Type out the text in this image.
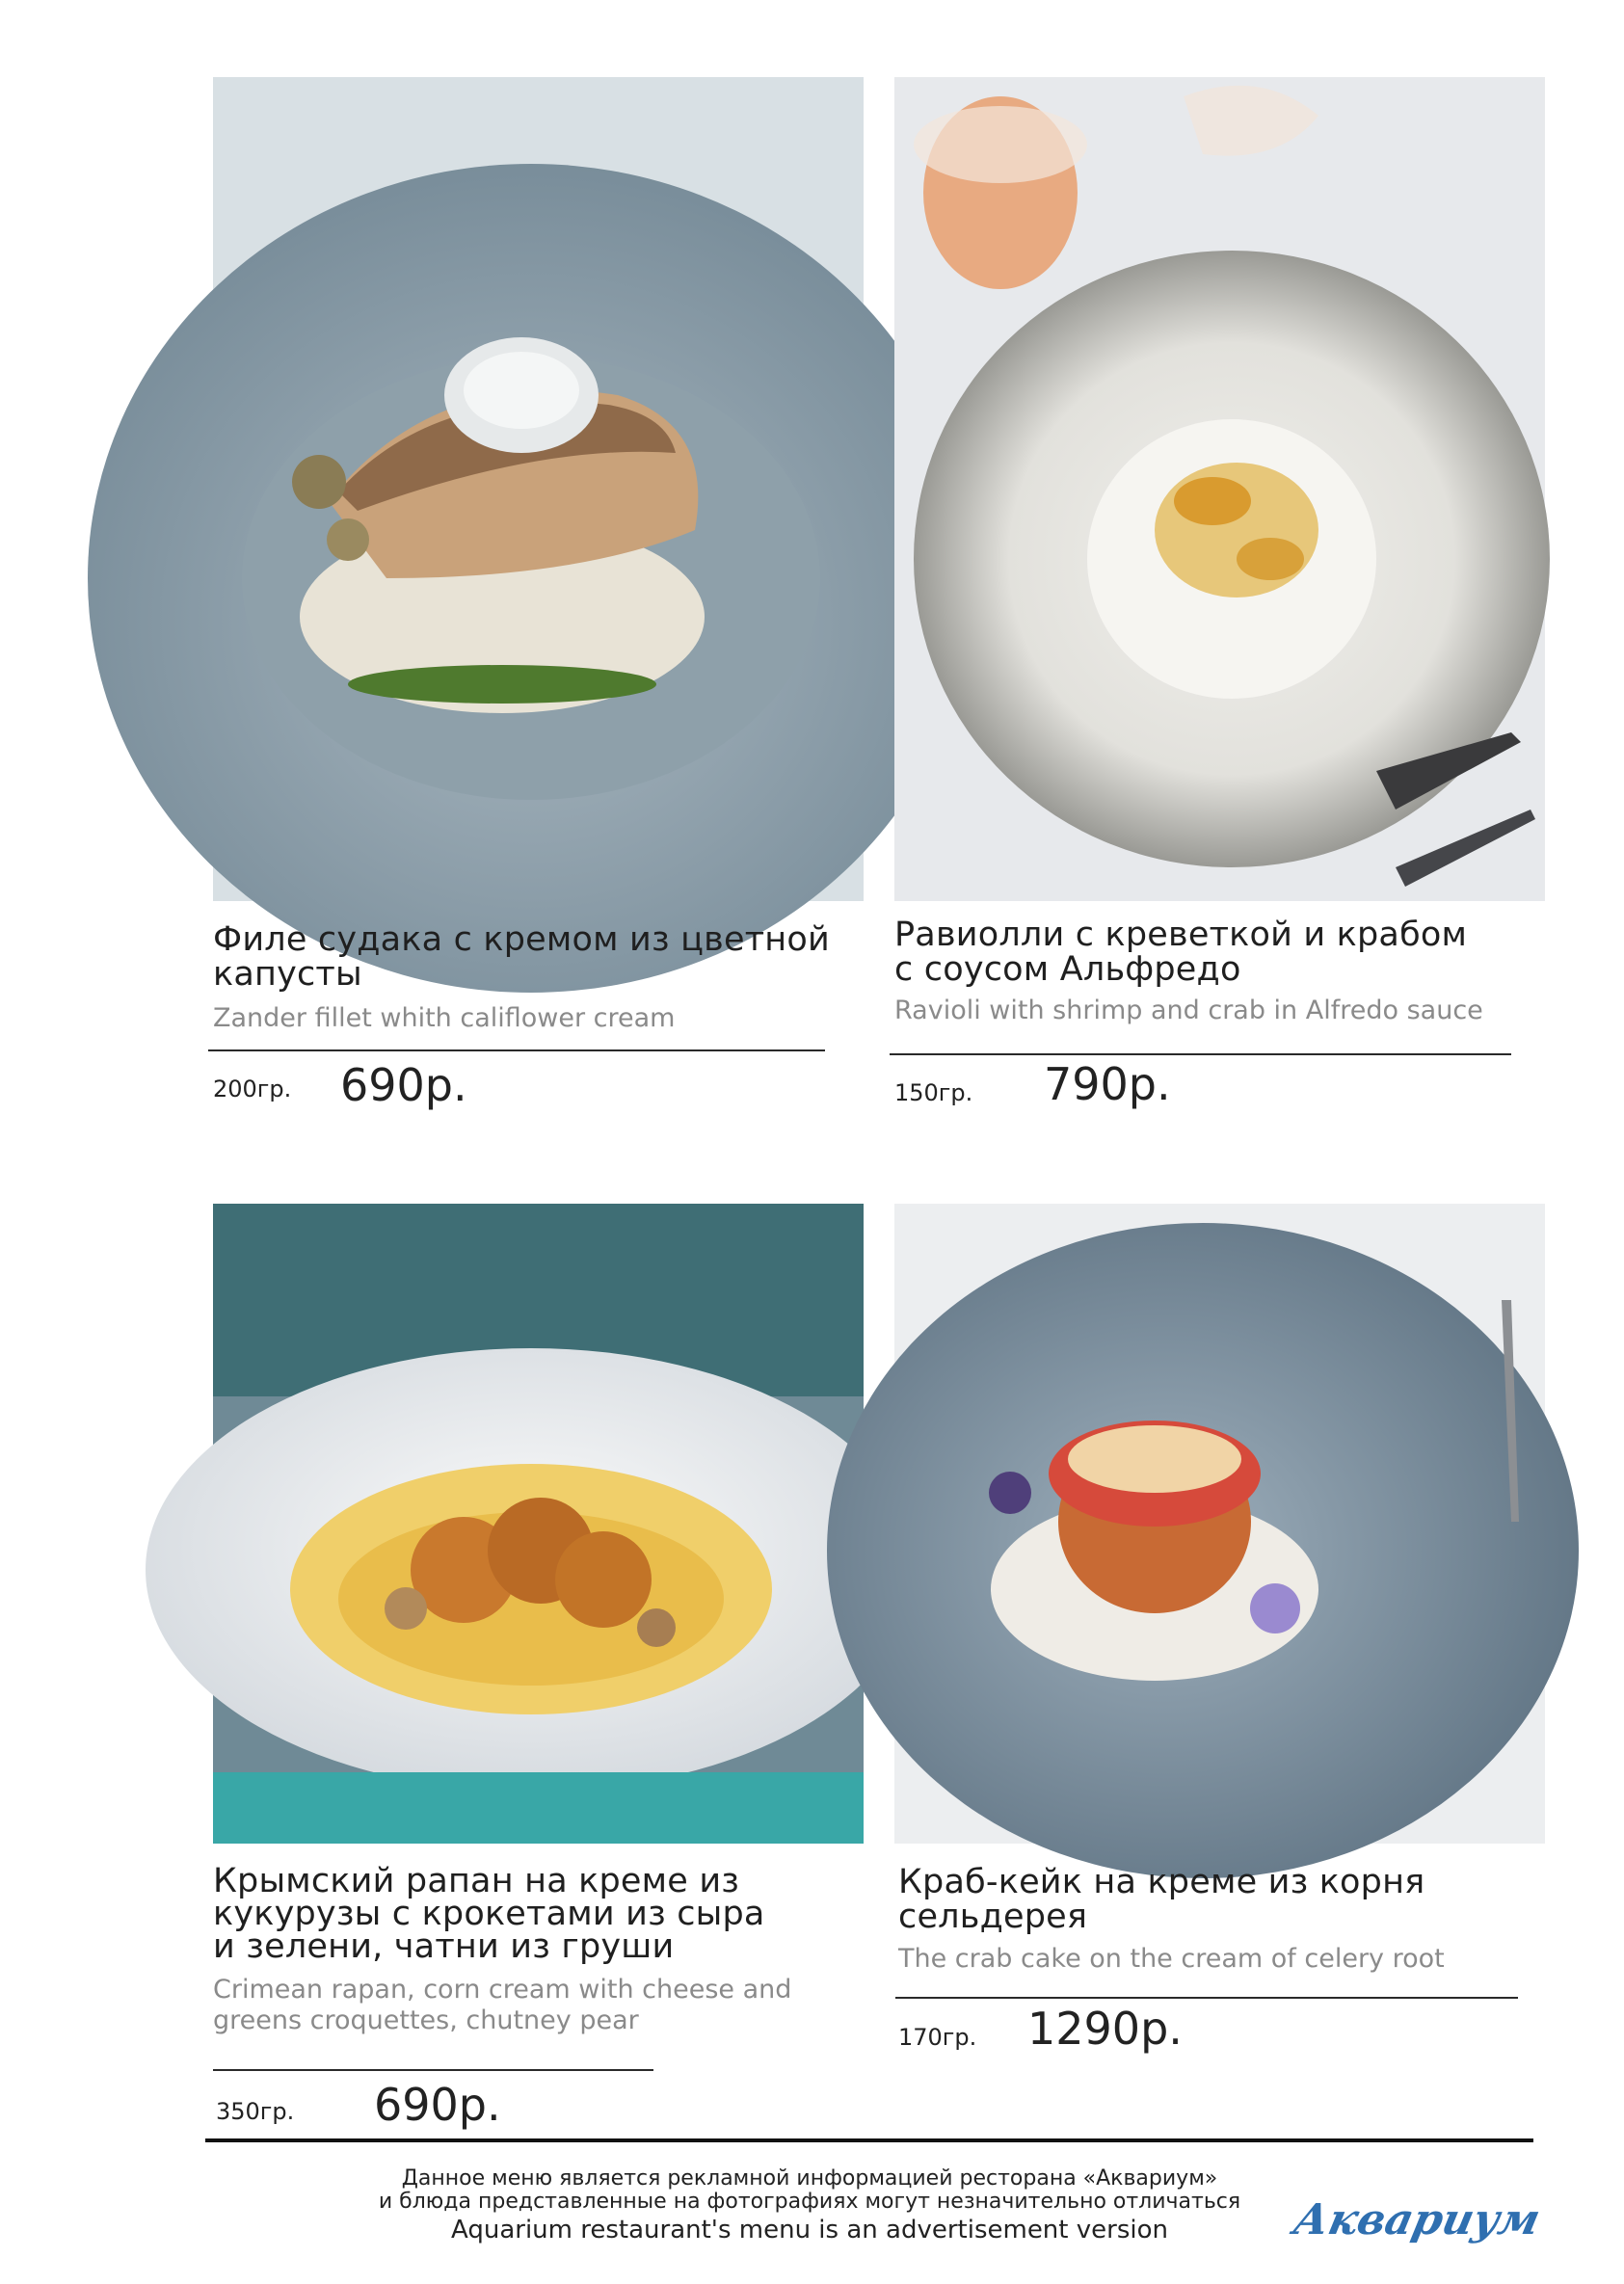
Филе судака с кремом из цветной
капусты
Zander fillet whith califlower cream
200гр. 690р.
Равиолли с креветкой и крабом
с соусом Альфредо
Ravioli with shrimp and crab in Alfredo sauce
150гр. 790р.
Крымский рапан на креме из
кукурузы с крокетами из сыра
и зелени, чатни из груши
Crimean rapan, corn cream with cheese and
greens croquettes, chutney pear
350гр. 690р.
Краб-кейк на креме из корня
сельдерея
The crab cake on the cream of celery root
170гр. 1290р.
Данное меню является рекламной информацией ресторана «Аквариум»
и блюда представленные на фотографиях могут незначительно отличаться
Aquarium restaurant's menu is an advertisement version	Аквариум
